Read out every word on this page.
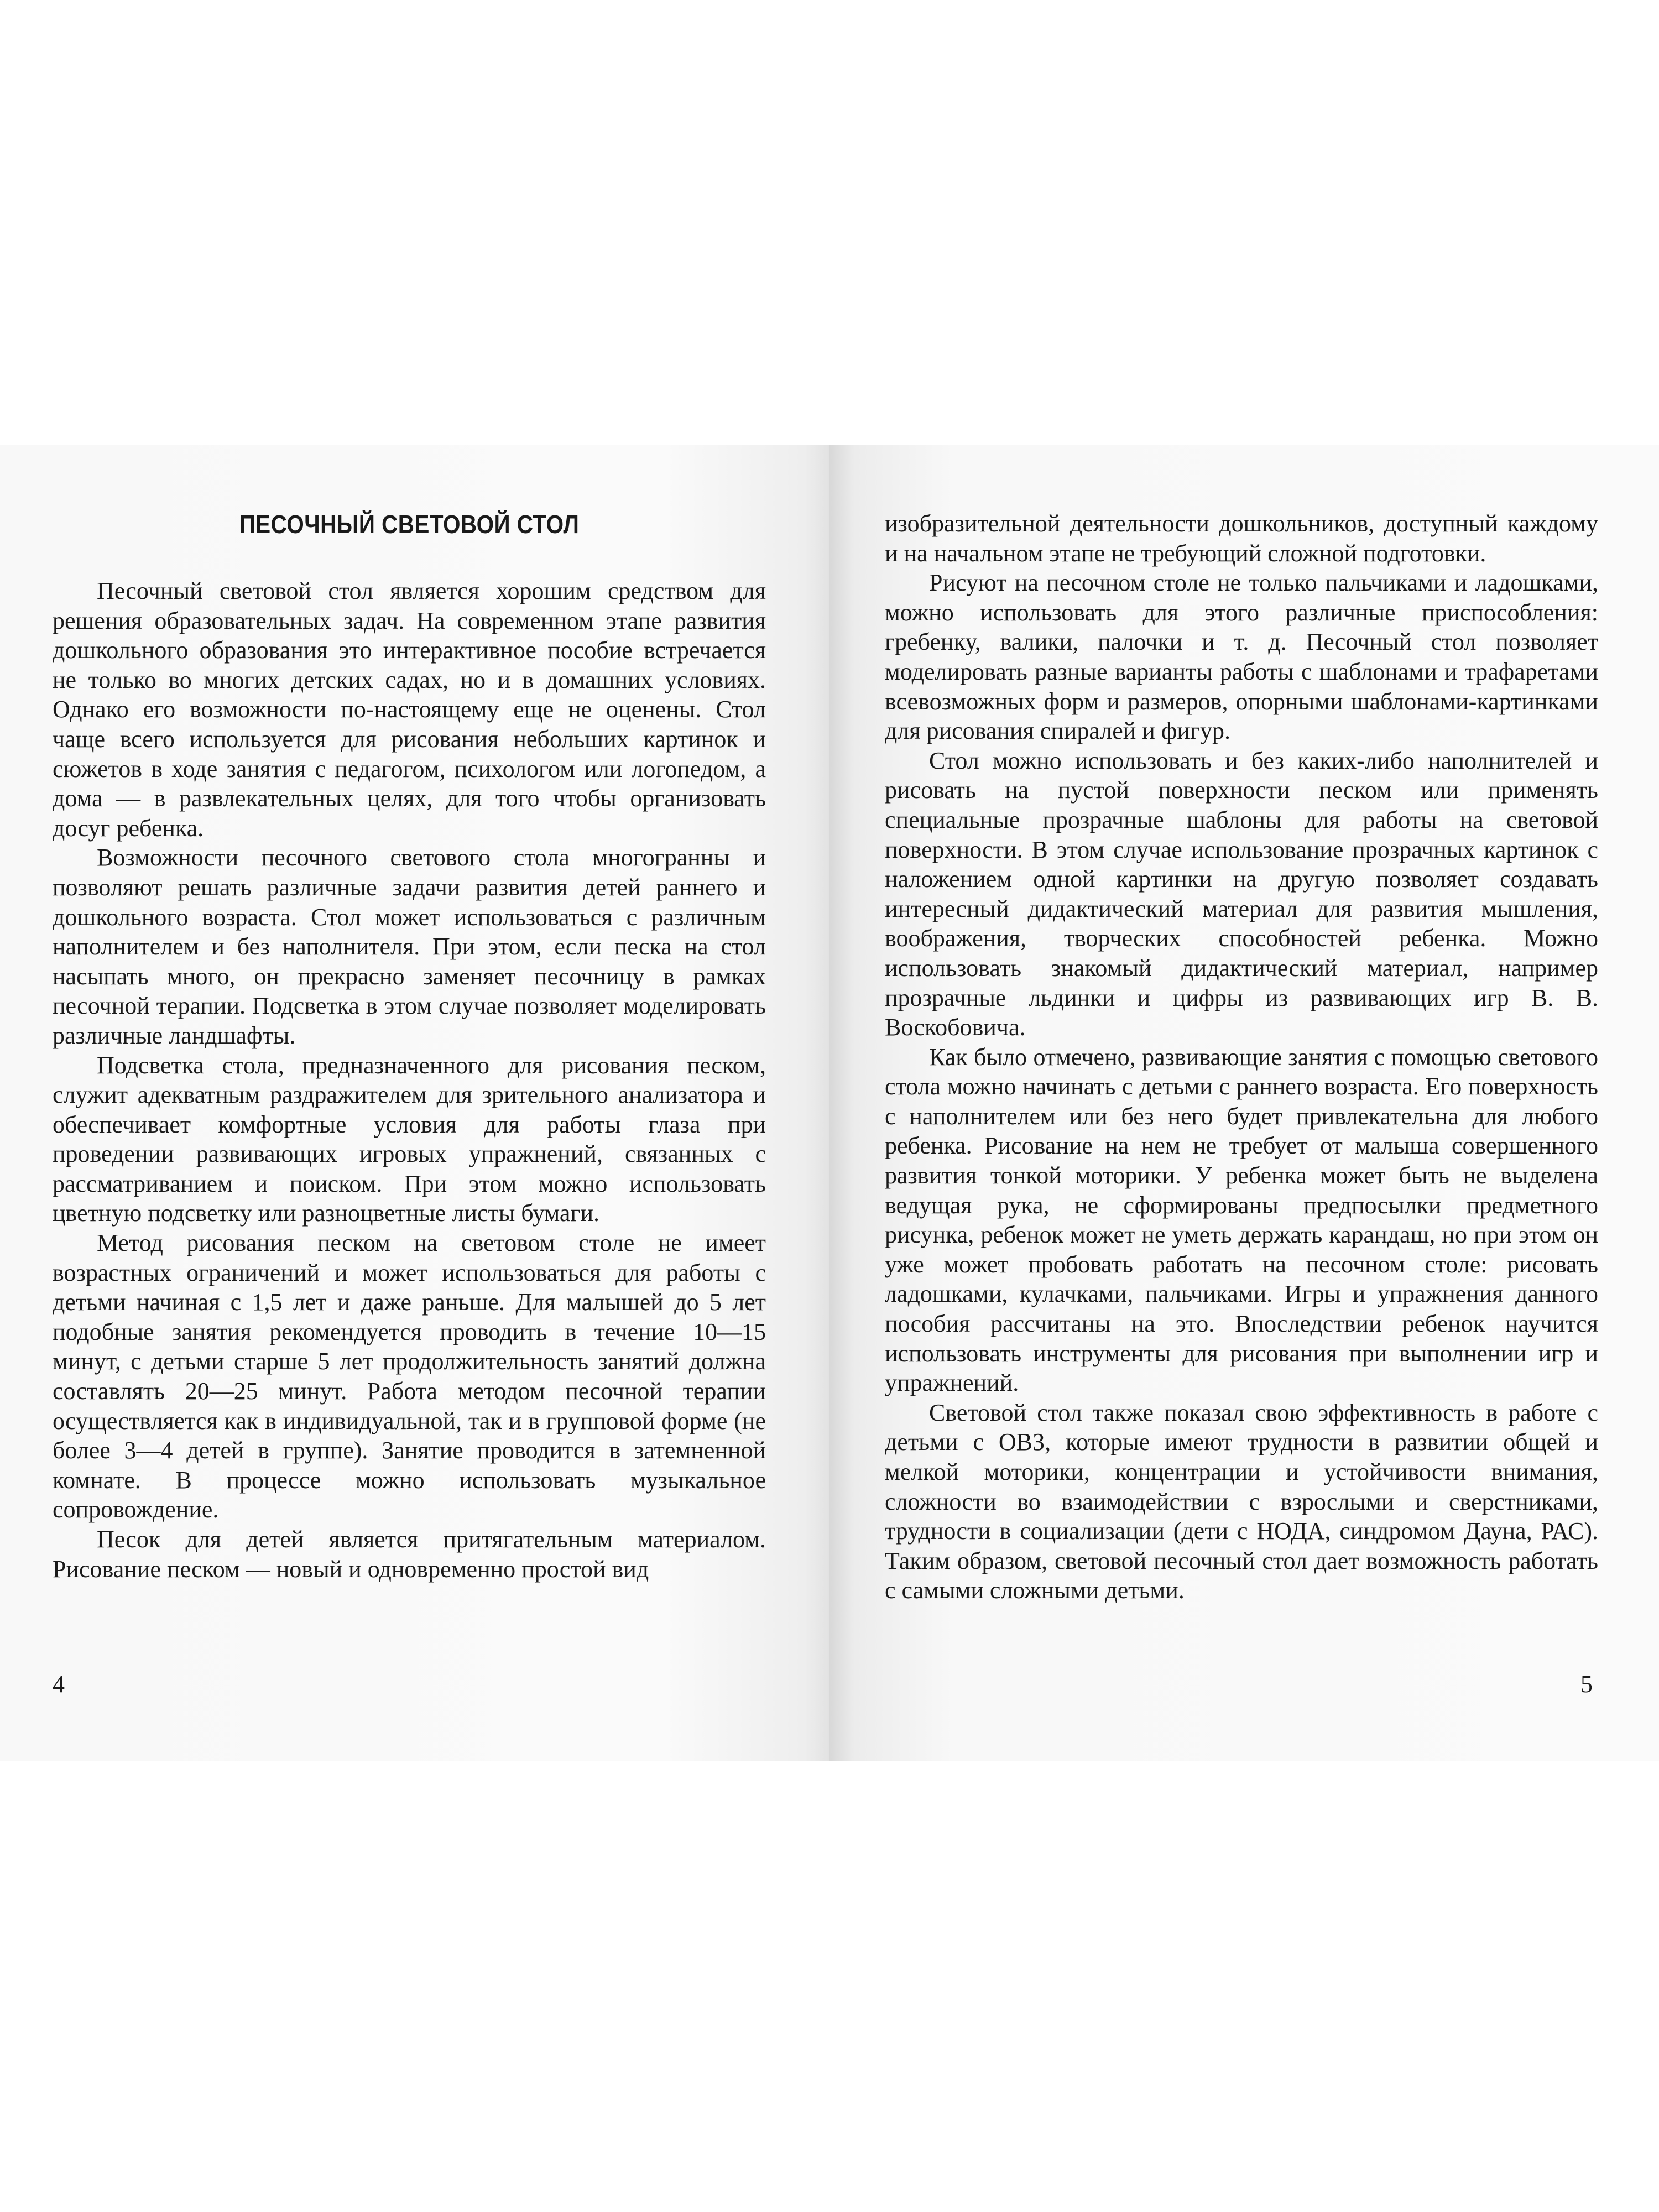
ПЕСОЧНЫЙ СВЕТОВОЙ СТОЛ

Песочный световой стол является хорошим средством для решения образовательных задач. На современном этапе развития дошкольного образования это интерактивное пособие встречается не только во многих детских садах, но и в домашних условиях. Однако его возможности по-настоящему еще не оценены. Стол чаще всего используется для рисования небольших картинок и сюжетов в ходе занятия с педагогом, психологом или логопедом, а дома — в развлекательных целях, для того чтобы организовать досуг ребенка.

Возможности песочного светового стола многогранны и позволяют решать различные задачи развития детей раннего и дошкольного возраста. Стол может использоваться с различным наполнителем и без наполнителя. При этом, если песка на стол насыпать много, он прекрасно заменяет песочницу в рамках песочной терапии. Подсветка в этом случае позволяет моделировать различные ландшафты.

Подсветка стола, предназначенного для рисования песком, служит адекватным раздражителем для зрительного анализатора и обеспечивает комфортные условия для работы глаза при проведении развивающих игровых упражнений, связанных с рассматриванием и поиском. При этом можно использовать цветную подсветку или разноцветные листы бумаги.

Метод рисования песком на световом столе не имеет возрастных ограничений и может использоваться для работы с детьми начиная с 1,5 лет и даже раньше. Для малышей до 5 лет подобные занятия рекомендуется проводить в течение 10—15 минут, с детьми старше 5 лет продолжительность занятий должна составлять 20—25 минут. Работа методом песочной терапии осуществляется как в индивидуальной, так и в групповой форме (не более 3—4 детей в группе). Занятие проводится в затемненной комнате. В процессе можно использовать музыкальное сопровождение.

Песок для детей является притягательным материалом. Рисование песком — новый и одновременно простой вид

4

изобразительной деятельности дошкольников, доступный каждому и на начальном этапе не требующий сложной подготовки.

Рисуют на песочном столе не только пальчиками и ладошками, можно использовать для этого различные приспособления: гребенку, валики, палочки и т. д. Песочный стол позволяет моделировать разные варианты работы с шаблонами и трафаретами всевозможных форм и размеров, опорными шаблонами-картинками для рисования спиралей и фигур.

Стол можно использовать и без каких-либо наполнителей и рисовать на пустой поверхности песком или применять специальные прозрачные шаблоны для работы на световой поверхности. В этом случае использование прозрачных картинок с наложением одной картинки на другую позволяет создавать интересный дидактический материал для развития мышления, воображения, творческих способностей ребенка. Можно использовать знакомый дидактический материал, например прозрачные льдинки и цифры из развивающих игр В. В. Воскобовича.

Как было отмечено, развивающие занятия с помощью светового стола можно начинать с детьми с раннего возраста. Его поверхность с наполнителем или без него будет привлекательна для любого ребенка. Рисование на нем не требует от малыша совершенного развития тонкой моторики. У ребенка может быть не выделена ведущая рука, не сформированы предпосылки предметного рисунка, ребенок может не уметь держать карандаш, но при этом он уже может пробовать работать на песочном столе: рисовать ладошками, кулачками, пальчиками. Игры и упражнения данного пособия рассчитаны на это. Впоследствии ребенок научится использовать инструменты для рисования при выполнении игр и упражнений.

Световой стол также показал свою эффективность в работе с детьми с ОВЗ, которые имеют трудности в развитии общей и мелкой моторики, концентрации и устойчивости внимания, сложности во взаимодействии с взрослыми и сверстниками, трудности в социализации (дети с НОДА, синдромом Дауна, РАС). Таким образом, световой песочный стол дает возможность работать с самыми сложными детьми.

5
